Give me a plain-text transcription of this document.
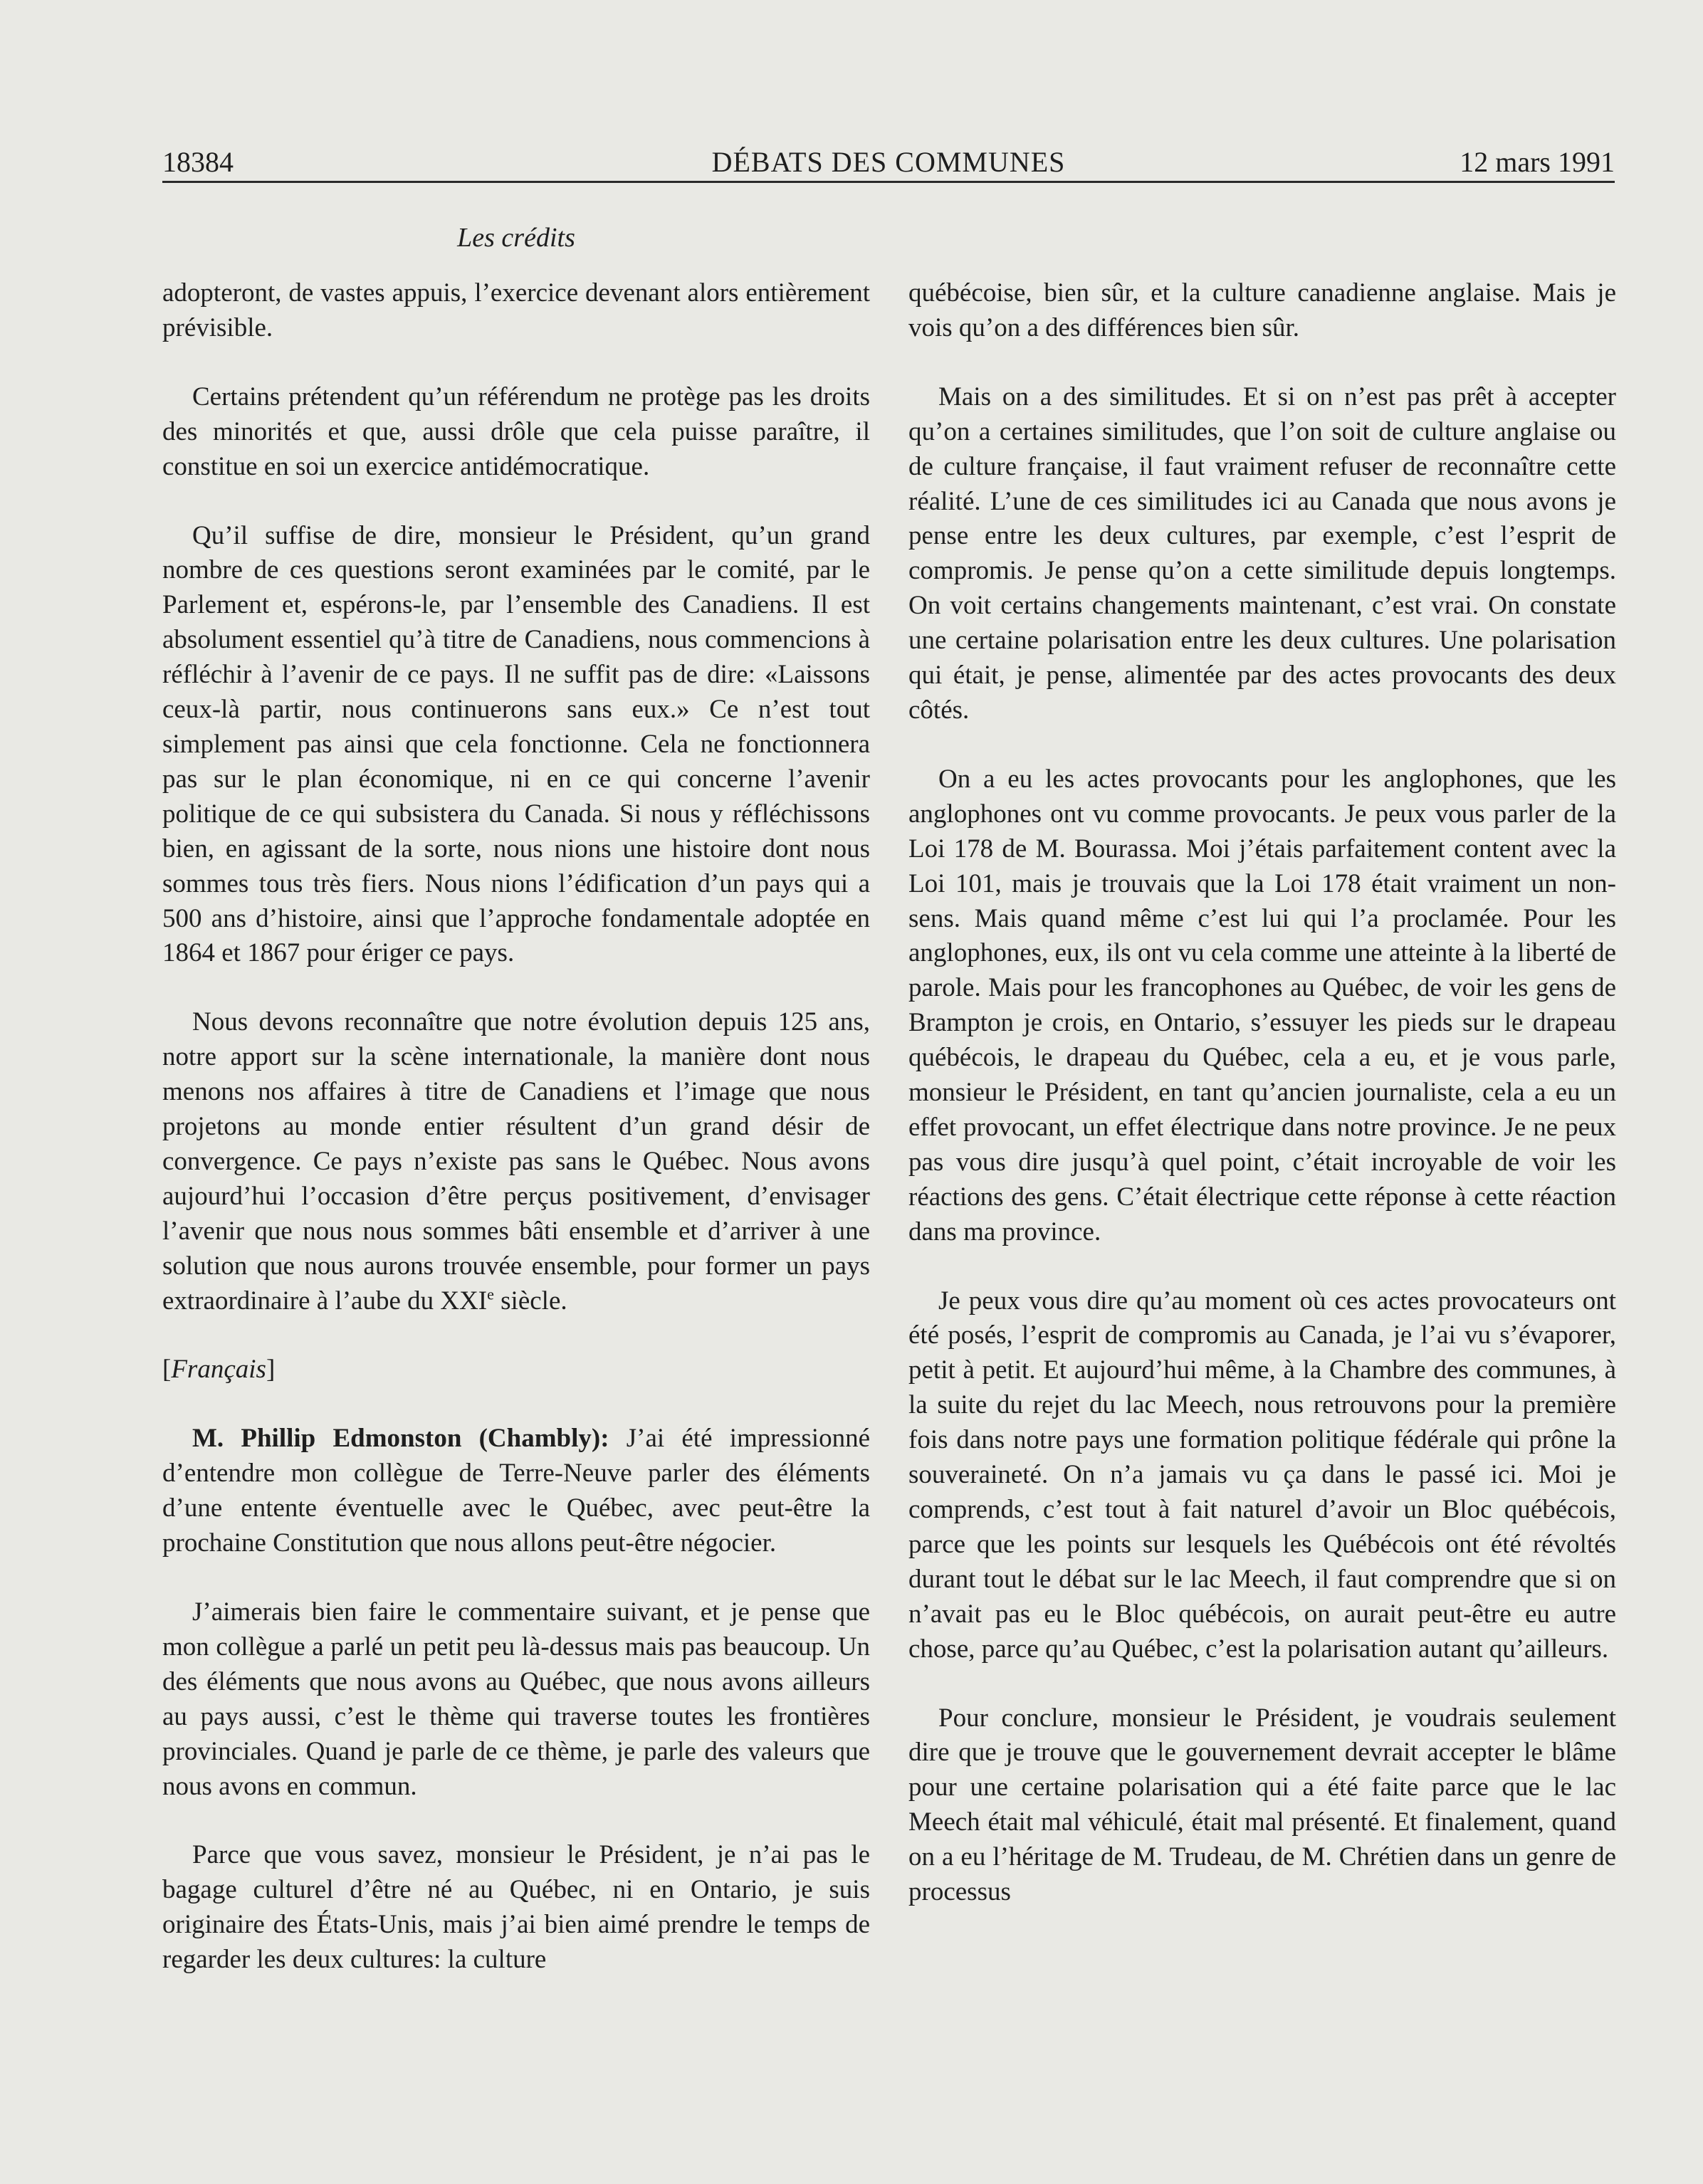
18384	DÉBATS DES COMMUNES	12 mars 1991
Les crédits

adopteront, de vastes appuis, l’exercice devenant alors entièrement prévisible.

Certains prétendent qu’un référendum ne protège pas les droits des minorités et que, aussi drôle que cela puisse paraître, il constitue en soi un exercice antidémocratique.

Qu’il suffise de dire, monsieur le Président, qu’un grand nombre de ces questions seront examinées par le comité, par le Parlement et, espérons-le, par l’ensemble des Canadiens. Il est absolument essentiel qu’à titre de Canadiens, nous commencions à réfléchir à l’avenir de ce pays. Il ne suffit pas de dire: «Laissons ceux-là partir, nous continuerons sans eux.» Ce n’est tout simplement pas ainsi que cela fonctionne. Cela ne fonctionnera pas sur le plan économique, ni en ce qui concerne l’avenir politique de ce qui subsistera du Canada. Si nous y réfléchissons bien, en agissant de la sorte, nous nions une histoire dont nous sommes tous très fiers. Nous nions l’édification d’un pays qui a 500 ans d’histoire, ainsi que l’approche fondamentale adoptée en 1864 et 1867 pour ériger ce pays.

Nous devons reconnaître que notre évolution depuis 125 ans, notre apport sur la scène internationale, la manière dont nous menons nos affaires à titre de Canadiens et l’image que nous projetons au monde entier résultent d’un grand désir de convergence. Ce pays n’existe pas sans le Québec. Nous avons aujourd’hui l’occasion d’être perçus positivement, d’envisager l’avenir que nous nous sommes bâti ensemble et d’arriver à une solution que nous aurons trouvée ensemble, pour former un pays extraordinaire à l’aube du XXIe siècle.

[Français]

M. Phillip Edmonston (Chambly): J’ai été impressionné d’entendre mon collègue de Terre-Neuve parler des éléments d’une entente éventuelle avec le Québec, avec peut-être la prochaine Constitution que nous allons peut-être négocier.

J’aimerais bien faire le commentaire suivant, et je pense que mon collègue a parlé un petit peu là-dessus mais pas beaucoup. Un des éléments que nous avons au Québec, que nous avons ailleurs au pays aussi, c’est le thème qui traverse toutes les frontières provinciales. Quand je parle de ce thème, je parle des valeurs que nous avons en commun.

Parce que vous savez, monsieur le Président, je n’ai pas le bagage culturel d’être né au Québec, ni en Ontario, je suis originaire des États-Unis, mais j’ai bien aimé prendre le temps de regarder les deux cultures: la culture

québécoise, bien sûr, et la culture canadienne anglaise. Mais je vois qu’on a des différences bien sûr.

Mais on a des similitudes. Et si on n’est pas prêt à accepter qu’on a certaines similitudes, que l’on soit de culture anglaise ou de culture française, il faut vraiment refuser de reconnaître cette réalité. L’une de ces similitudes ici au Canada que nous avons je pense entre les deux cultures, par exemple, c’est l’esprit de compromis. Je pense qu’on a cette similitude depuis longtemps. On voit certains changements maintenant, c’est vrai. On constate une certaine polarisation entre les deux cultures. Une polarisation qui était, je pense, alimentée par des actes provocants des deux côtés.

On a eu les actes provocants pour les anglophones, que les anglophones ont vu comme provocants. Je peux vous parler de la Loi 178 de M. Bourassa. Moi j’étais parfaitement content avec la Loi 101, mais je trouvais que la Loi 178 était vraiment un non-sens. Mais quand même c’est lui qui l’a proclamée. Pour les anglophones, eux, ils ont vu cela comme une atteinte à la liberté de parole. Mais pour les francophones au Québec, de voir les gens de Brampton je crois, en Ontario, s’essuyer les pieds sur le drapeau québécois, le drapeau du Québec, cela a eu, et je vous parle, monsieur le Président, en tant qu’ancien journaliste, cela a eu un effet provocant, un effet électrique dans notre province. Je ne peux pas vous dire jusqu’à quel point, c’était incroyable de voir les réactions des gens. C’était électrique cette réponse à cette réaction dans ma province.

Je peux vous dire qu’au moment où ces actes provocateurs ont été posés, l’esprit de compromis au Canada, je l’ai vu s’évaporer, petit à petit. Et aujourd’hui même, à la Chambre des communes, à la suite du rejet du lac Meech, nous retrouvons pour la première fois dans notre pays une formation politique fédérale qui prône la souveraineté. On n’a jamais vu ça dans le passé ici. Moi je comprends, c’est tout à fait naturel d’avoir un Bloc québécois, parce que les points sur lesquels les Québécois ont été révoltés durant tout le débat sur le lac Meech, il faut comprendre que si on n’avait pas eu le Bloc québécois, on aurait peut-être eu autre chose, parce qu’au Québec, c’est la polarisation autant qu’ailleurs.

Pour conclure, monsieur le Président, je voudrais seulement dire que je trouve que le gouvernement devrait accepter le blâme pour une certaine polarisation qui a été faite parce que le lac Meech était mal véhiculé, était mal présenté. Et finalement, quand on a eu l’héritage de M. Trudeau, de M. Chrétien dans un genre de processus
